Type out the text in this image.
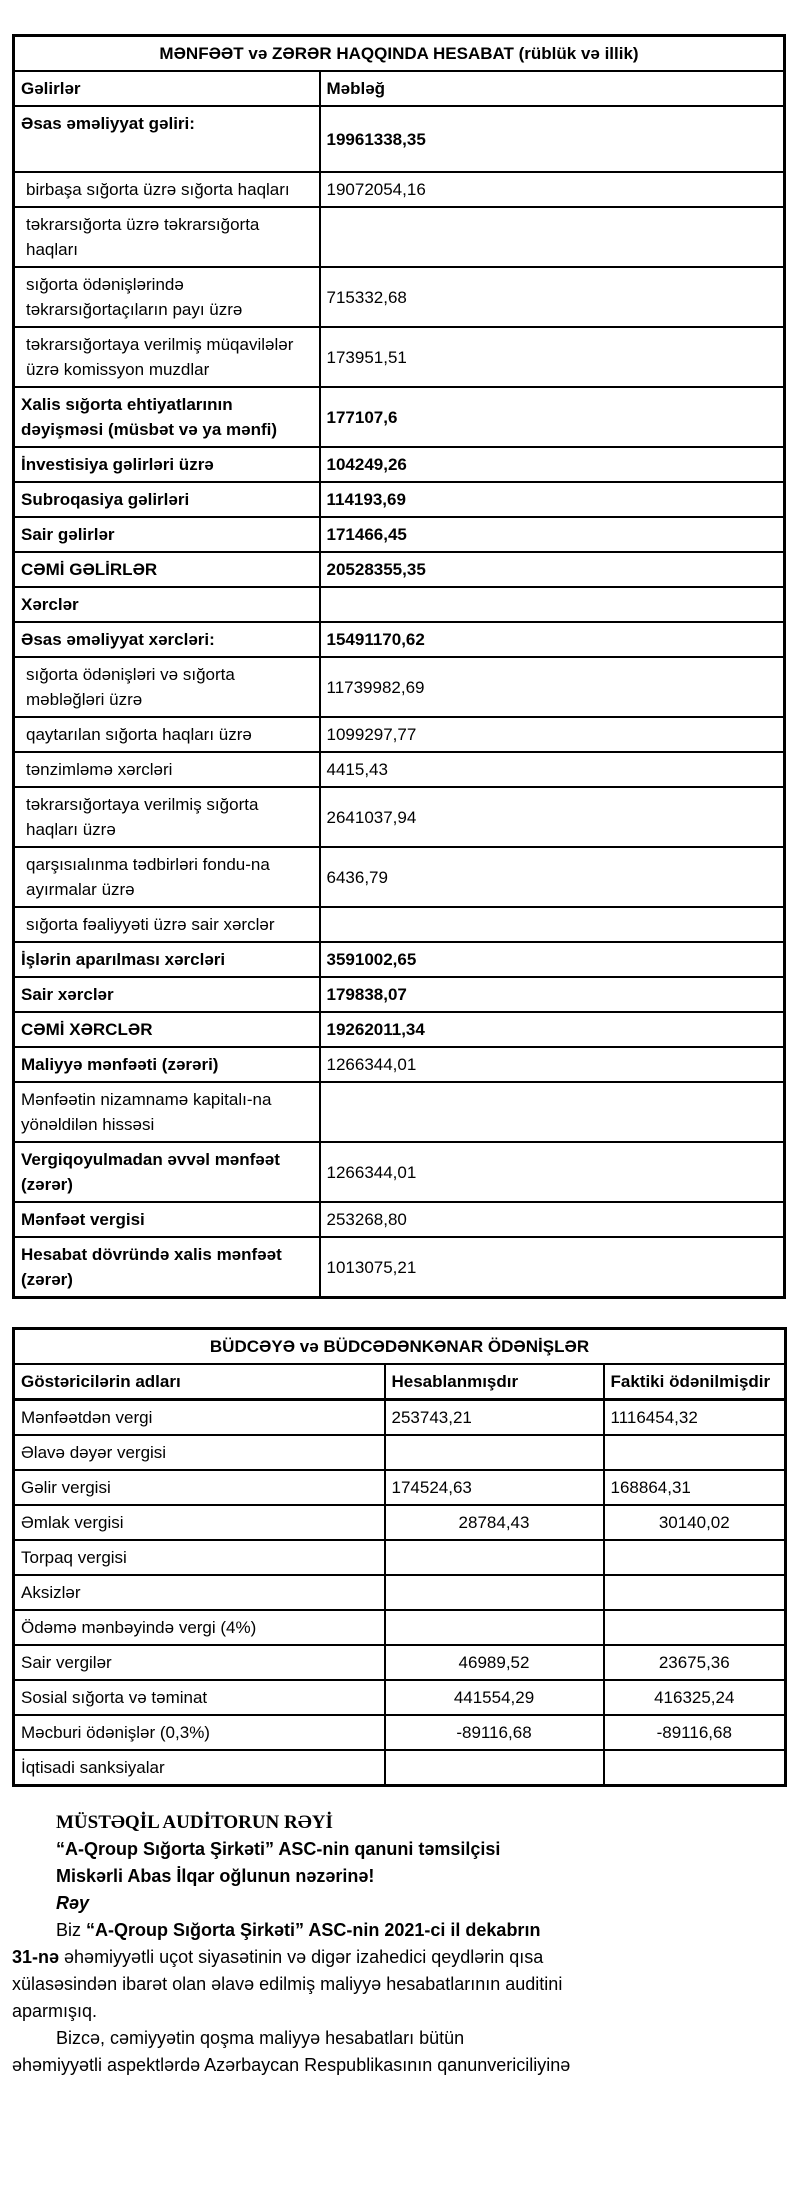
MƏNFƏƏT və ZƏRƏR HAQQINDA HESABAT (rüblük və illik)	
Gəlirlər	Məbləğ
Əsas əməliyyat gəliri:	19961338,35
birbaşa sığorta üzrə sığorta haqları	19072054,16
təkrarsığorta üzrə təkrarsığorta haqları	
sığorta ödənişlərində təkrarsığortaçıların payı üzrə	715332,68
təkrarsığortaya verilmiş müqavilələr üzrə komissyon muzdlar	173951,51
Xalis sığorta ehtiyatlarının dəyişməsi (müsbət və ya mənfi)	177107,6
İnvestisiya gəlirləri üzrə	104249,26
Subroqasiya gəlirləri	114193,69
Sair gəlirlər	171466,45
CƏMİ GƏLİRLƏR	20528355,35
Xərclər	
Əsas əməliyyat xərcləri:	15491170,62
sığorta ödənişləri və sığorta məbləğləri üzrə	11739982,69
qaytarılan sığorta haqları üzrə	1099297,77
tənzimləmə xərcləri	4415,43
təkrarsığortaya verilmiş sığorta haqları üzrə	2641037,94
qarşısıalınma tədbirləri fondu-na ayırmalar üzrə	6436,79
sığorta fəaliyyəti üzrə sair xərclər	
İşlərin aparılması xərcləri	3591002,65
Sair xərclər	179838,07
CƏMİ XƏRCLƏR	19262011,34
Maliyyə mənfəəti (zərəri)	1266344,01
Mənfəətin nizamnamə kapitalı-na yönəldilən hissəsi	
Vergiqoyulmadan əvvəl mənfəət (zərər)	1266344,01
Mənfəət vergisi	253268,80
Hesabat dövründə xalis mənfəət (zərər)	1013075,21
BÜDCƏYƏ və BÜDCƏDƏNKƏNAR ÖDƏNİŞLƏR		
Göstəricilərin adları	Hesablanmışdır	Faktiki ödənilmişdir
Mənfəətdən vergi	253743,21	1116454,32
Əlavə dəyər vergisi		
Gəlir vergisi	174524,63	168864,31
Əmlak vergisi	28784,43	30140,02
Torpaq vergisi		
Aksizlər		
Ödəmə mənbəyində vergi (4%)		
Sair vergilər	46989,52	23675,36
Sosial sığorta və təminat	441554,29	416325,24
Məcburi ödənişlər (0,3%)	-89116,68	-89116,68
İqtisadi sanksiyalar		

MÜSTƏQİL AUDİTORUN RƏYİ

“A-Qroup Sığorta Şirkəti” ASC-nin qanuni təmsilçisi

Miskərli Abas İlqar oğlunun nəzərinə!

Rəy

Biz “A-Qroup Sığorta Şirkəti” ASC-nin 2021-ci il dekabrın

31-nə əhəmiyyətli uçot siyasətinin və digər izahedici qeydlərin qısa

xülasəsindən ibarət olan əlavə edilmiş maliyyə hesabatlarının auditini

aparmışıq.

Bizcə, cəmiyyətin qoşma maliyyə hesabatları bütün

əhəmiyyətli aspektlərdə Azərbaycan Respublikasının qanunvericiliyinə
